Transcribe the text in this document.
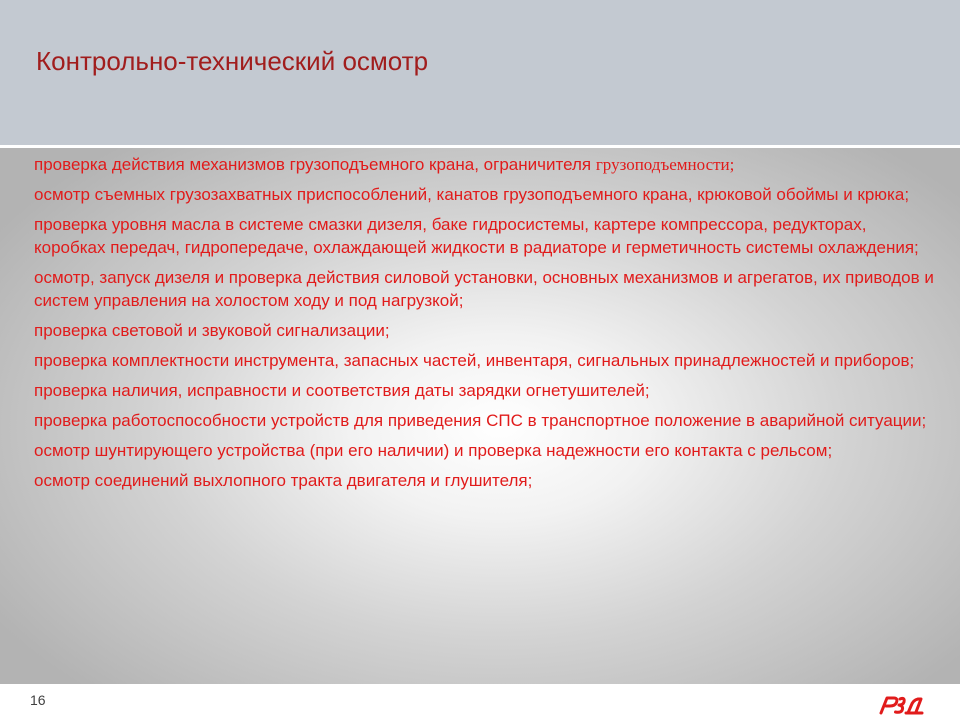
Контрольно-технический осмотр
проверка действия механизмов грузоподъемного крана, ограничителя грузоподъемности;
осмотр съемных грузозахватных приспособлений, канатов грузоподъемного крана, крюковой обоймы и крюка;
проверка уровня масла в системе смазки дизеля, баке гидросистемы, картере компрессора, редукторах, коробках передач, гидропередаче, охлаждающей жидкости в радиаторе и герметичность системы охлаждения;
осмотр, запуск дизеля и проверка действия силовой установки, основных механизмов и агрегатов, их приводов и систем управления на холостом ходу и под нагрузкой;
проверка световой и звуковой сигнализации;
проверка комплектности инструмента, запасных частей, инвентаря, сигнальных принадлежностей и приборов;
проверка наличия, исправности и соответствия даты зарядки огнетушителей;
проверка работоспособности устройств для приведения СПС в транспортное положение в аварийной ситуации;
осмотр шунтирующего устройства (при его наличии) и проверка надежности его контакта с рельсом;
осмотр соединений выхлопного тракта двигателя и глушителя;
16
